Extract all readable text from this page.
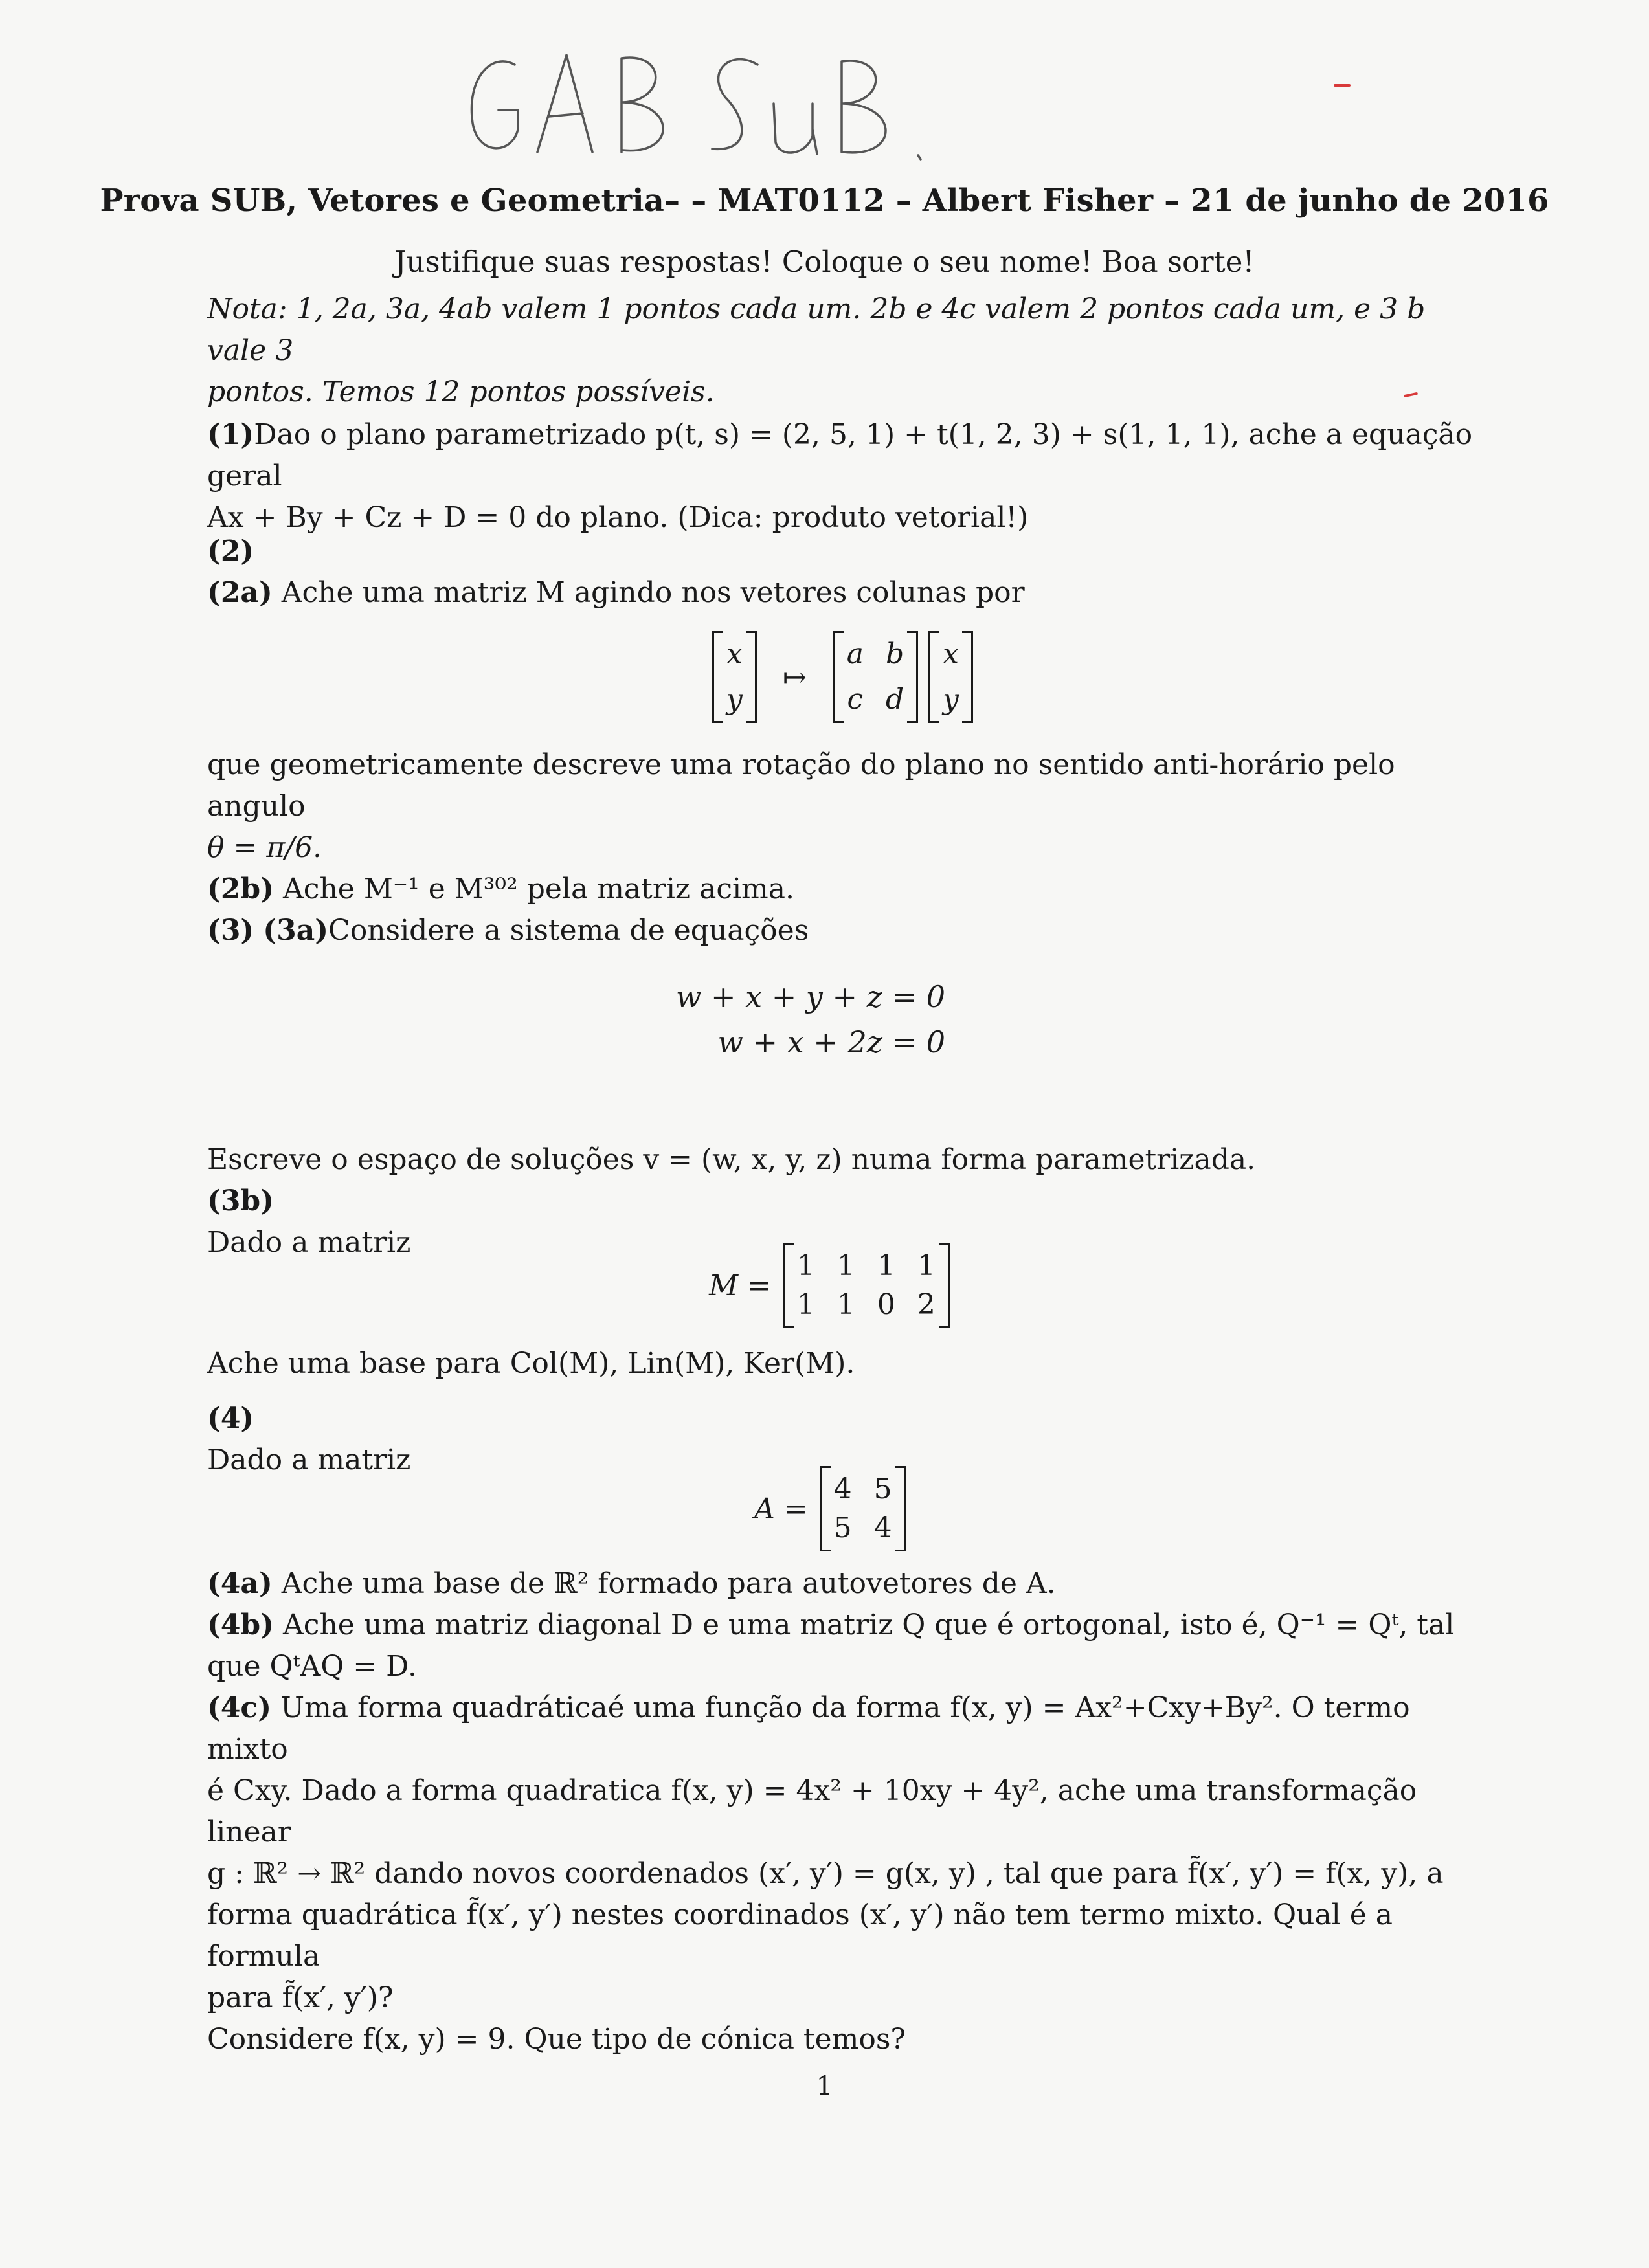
Prova SUB, Vetores e Geometria– – MAT0112 – Albert Fisher – 21 de junho de 2016
Justifique suas respostas! Coloque o seu nome! Boa sorte!
Nota: 1, 2a, 3a, 4ab valem 1 pontos cada um. 2b e 4c valem 2 pontos cada um, e 3 b vale 3
pontos. Temos 12 pontos possíveis.
(1)Dao o plano parametrizado p(t, s) = (2, 5, 1) + t(1, 2, 3) + s(1, 1, 1), ache a equação geral
Ax + By + Cz + D = 0 do plano. (Dica: produto vetorial!)
(2)
(2a) Ache uma matriz M agindo nos vetores colunas por
x
y
↦
a b
c d
x
y
que geometricamente descreve uma rotação do plano no sentido anti-horário pelo angulo
θ = π/6.
(2b) Ache M⁻¹ e M³⁰² pela matriz acima.
(3) (3a)Considere a sistema de equações
w + x + y + z = 0
w + x + 2z = 0
Escreve o espaço de soluções v = (w, x, y, z) numa forma parametrizada.
(3b)
Dado a matriz
M =
1 1 1 1
1 1 0 2
Ache uma base para Col(M), Lin(M), Ker(M).
(4)
Dado a matriz
A =
4 5
5 4
(4a) Ache uma base de ℝ² formado para autovetores de A.
(4b) Ache uma matriz diagonal D e uma matriz Q que é ortogonal, isto é, Q⁻¹ = Qᵗ, tal
que QᵗAQ = D.
(4c) Uma forma quadráticaé uma função da forma f(x, y) = Ax²+Cxy+By². O termo mixto
é Cxy. Dado a forma quadratica f(x, y) = 4x² + 10xy + 4y², ache uma transformação linear
g : ℝ² → ℝ² dando novos coordenados (x′, y′) = g(x, y) , tal que para f̃(x′, y′) = f(x, y), a
forma quadrática f̃(x′, y′) nestes coordinados (x′, y′) não tem termo mixto. Qual é a formula
para f̃(x′, y′)?
Considere f(x, y) = 9. Que tipo de cónica temos?
1
